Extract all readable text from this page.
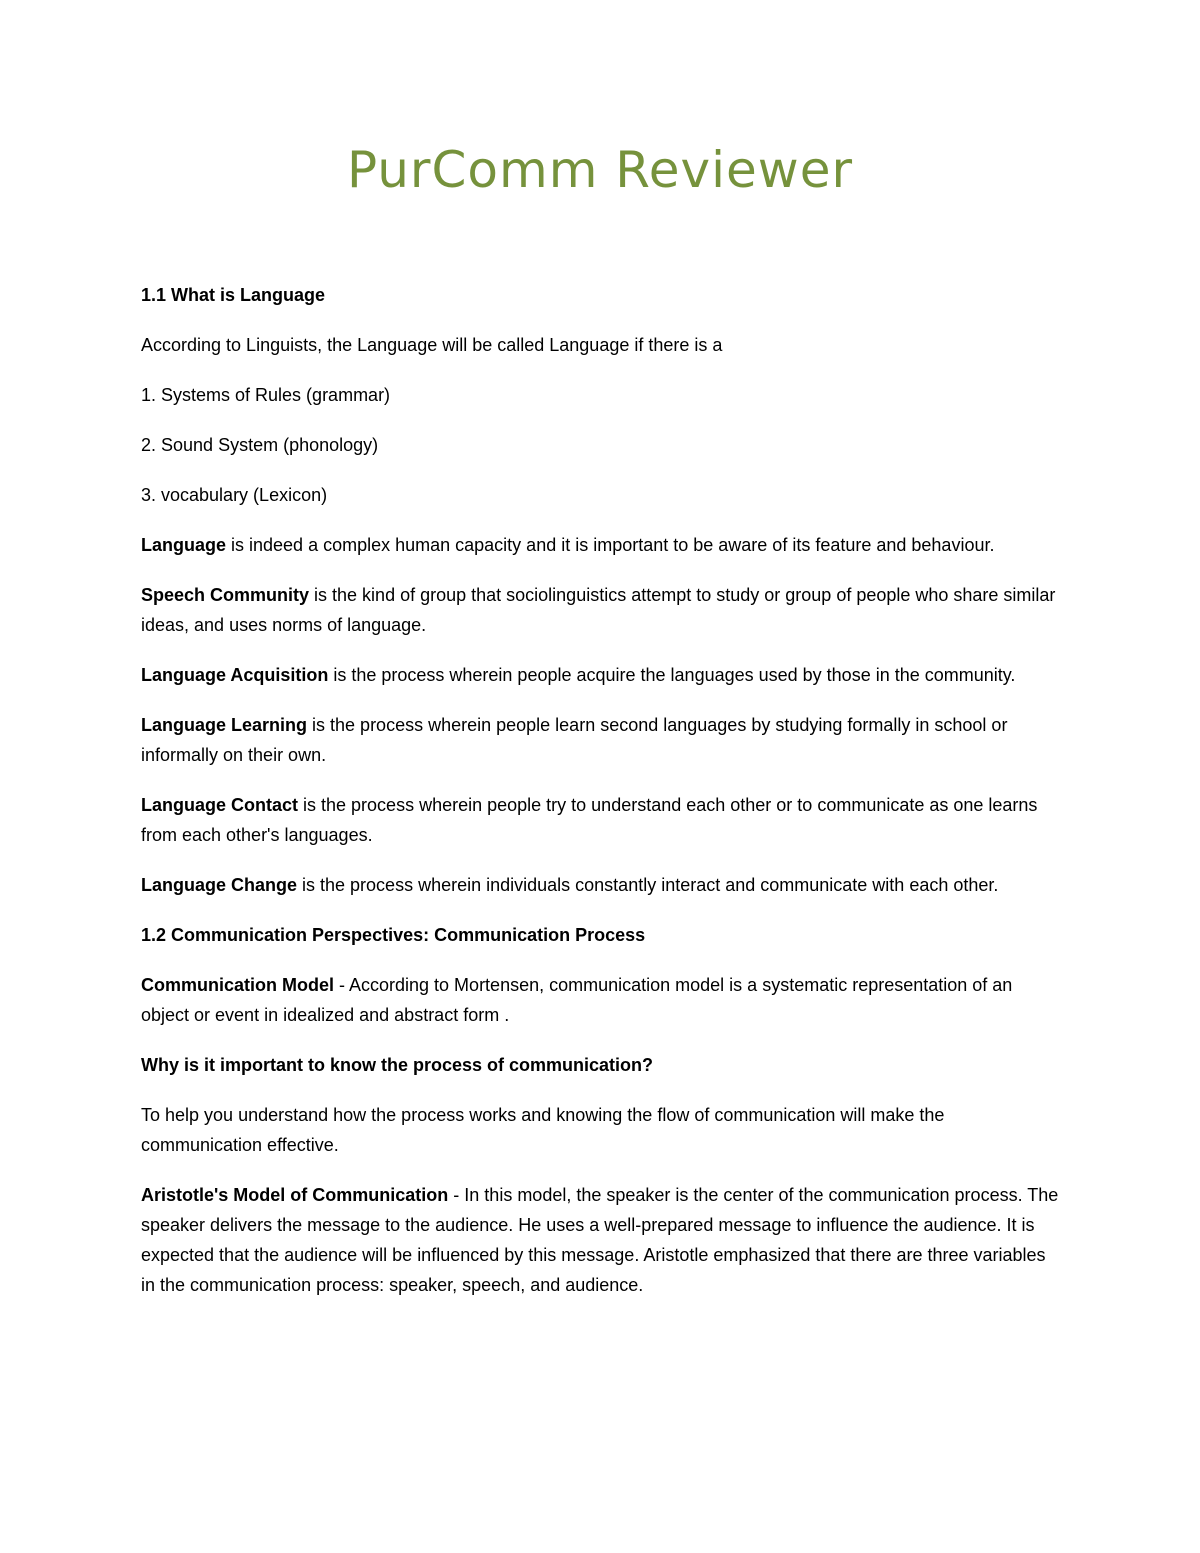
PurComm Reviewer

1.1 What is Language

According to Linguists, the Language will be called Language if there is a

1. Systems of Rules (grammar)

2. Sound System (phonology)

3. vocabulary (Lexicon)

Language is indeed a complex human capacity and it is important to be aware of its feature and behaviour.

Speech Community is the kind of group that sociolinguistics attempt to study or group of people who share similar ideas, and uses norms of language.

Language Acquisition is the process wherein people acquire the languages used by those in the community.

Language Learning is the process wherein people learn second languages by studying formally in school or informally on their own.

Language Contact is the process wherein people try to understand each other or to communicate as one learns from each other's languages.

Language Change is the process wherein individuals constantly interact and communicate with each other.

1.2 Communication Perspectives: Communication Process

Communication Model - According to Mortensen, communication model is a systematic representation of an object or event in idealized and abstract form .

Why is it important to know the process of communication?

To help you understand how the process works and knowing the flow of communication will make the communication effective.

Aristotle's Model of Communication - In this model, the speaker is the center of the communication process. The speaker delivers the message to the audience. He uses a well-prepared message to influence the audience. It is expected that the audience will be influenced by this message. Aristotle emphasized that there are three variables in the communication process: speaker, speech, and audience.
